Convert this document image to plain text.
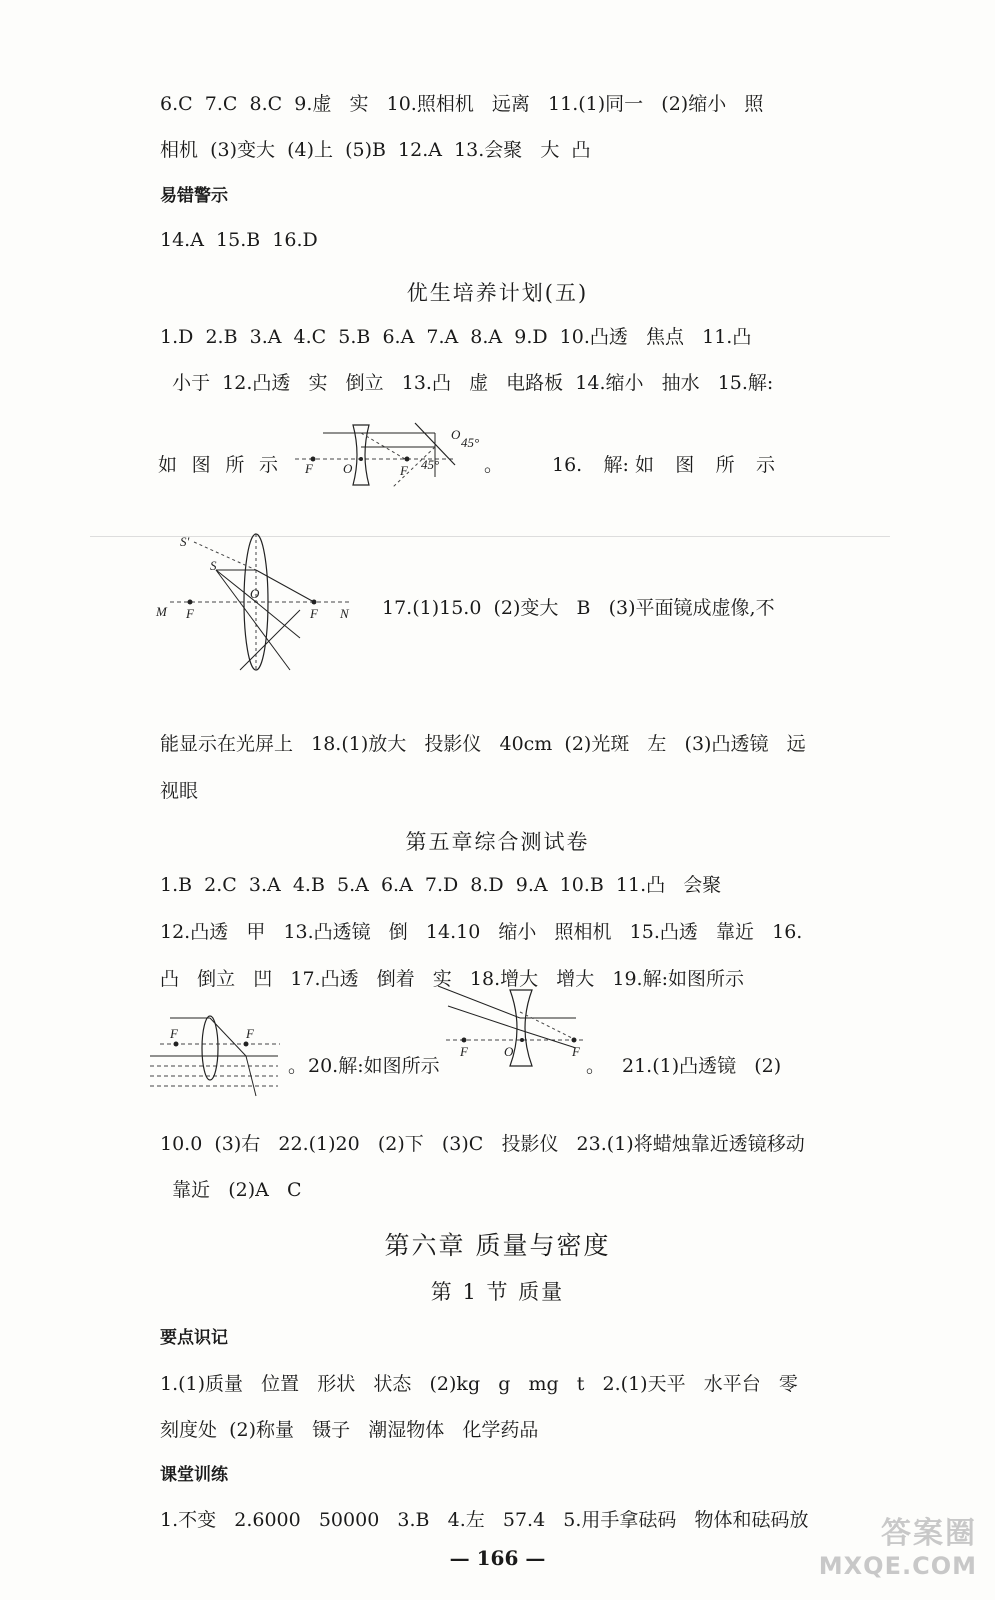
6.C  7.C  8.C  9.虚   实   10.照相机   远离   11.(1)同一   (2)缩小   照
相机  (3)变大  (4)上  (5)B  12.A  13.会聚   大  凸
易错警示
14.A  15.B  16.D
优生培养计划(五)
1.D  2.B  3.A  4.C  5.B  6.A  7.A  8.A  9.D  10.凸透   焦点   11.凸
小于  12.凸透   实   倒立   13.凸   虚   电路板  14.缩小   抽水   15.解:
如 图 所 示	。	16. 解: 如 图 所 示
F O	F
O
45°
45°
S'
S
O
M F	F N 17.(1)15.0  (2)变大   B   (3)平面镜成虚像,不
能显示在光屏上   18.(1)放大   投影仪   40cm  (2)光斑   左   (3)凸透镜   远
视眼
第五章综合测试卷
1.B  2.C  3.A  4.B  5.A  6.A  7.D  8.D  9.A  10.B  11.凸   会聚
12.凸透   甲   13.凸透镜   倒   14.10   缩小   照相机   15.凸透   靠近   16.
凸   倒立   凹   17.凸透   倒着   实   18.增大   增大   19.解:如图所示
F	F
。 20.解:如图所示
F	O	F
。 21.(1)凸透镜   (2)
10.0  (3)右   22.(1)20   (2)下   (3)C   投影仪   23.(1)将蜡烛靠近透镜移动
靠近   (2)A   C
第六章 质量与密度
第 1 节 质量
要点识记
1.(1)质量   位置   形状   状态   (2)kg   g   mg   t   2.(1)天平   水平台   零
刻度处  (2)称量   镊子   潮湿物体   化学药品
课堂训练
1.不变   2.6000   50000   3.B   4.左   57.4   5.用手拿砝码   物体和砝码放
— 166 —
答案圈
MXQE.COM
